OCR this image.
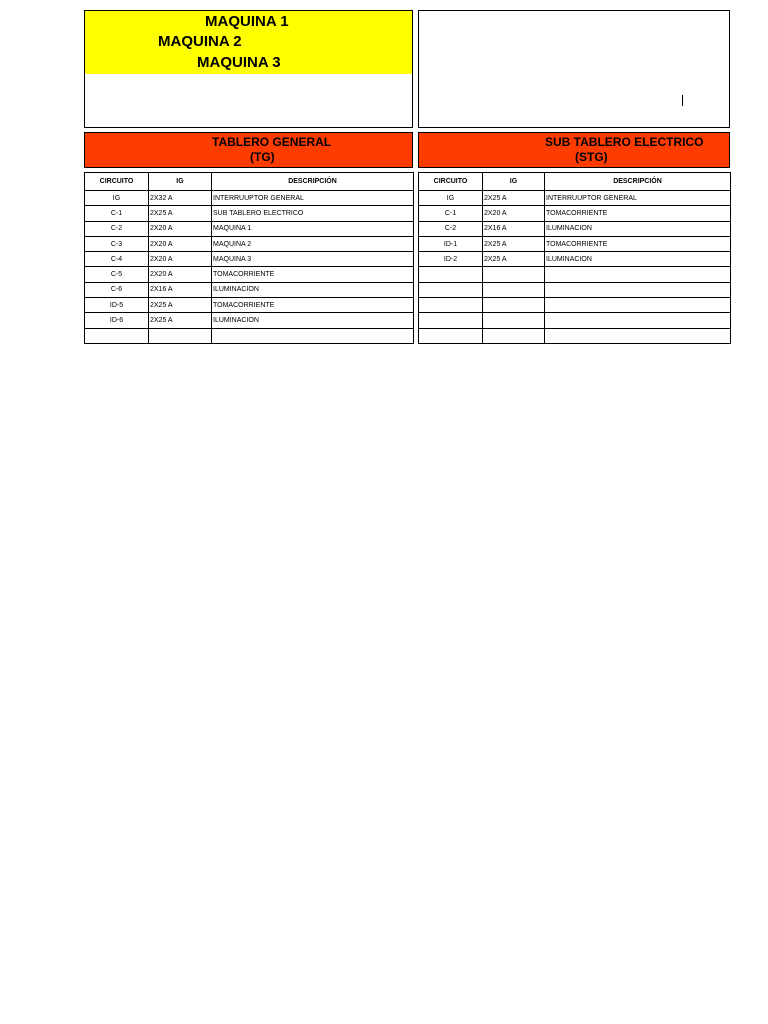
MAQUINA 1
MAQUINA 2
MAQUINA 3
TABLERO GENERAL
(TG)
SUB TABLERO ELECTRICO
(STG)
CIRCUITO	IG	DESCRIPCIÓN
IG	2X32 A	INTERRUUPTOR GENERAL
C-1	2X25 A	SUB TABLERO ELECTRICO
C-2	2X20 A	MAQUINA 1
C-3	2X20 A	MAQUINA 2
C-4	2X20 A	MAQUINA 3
C-5	2X20 A	TOMACORRIENTE
C-6	2X16 A	ILUMINACION
ID-5	2X25 A	TOMACORRIENTE
ID-6	2X25 A	ILUMINACION

CIRCUITO	IG	DESCRIPCIÓN
IG	2X25 A	INTERRUUPTOR GENERAL
C-1	2X20 A	TOMACORRIENTE
C-2	2X16 A	ILUMINACION
ID-1	2X25 A	TOMACORRIENTE
ID-2	2X25 A	ILUMINACION
